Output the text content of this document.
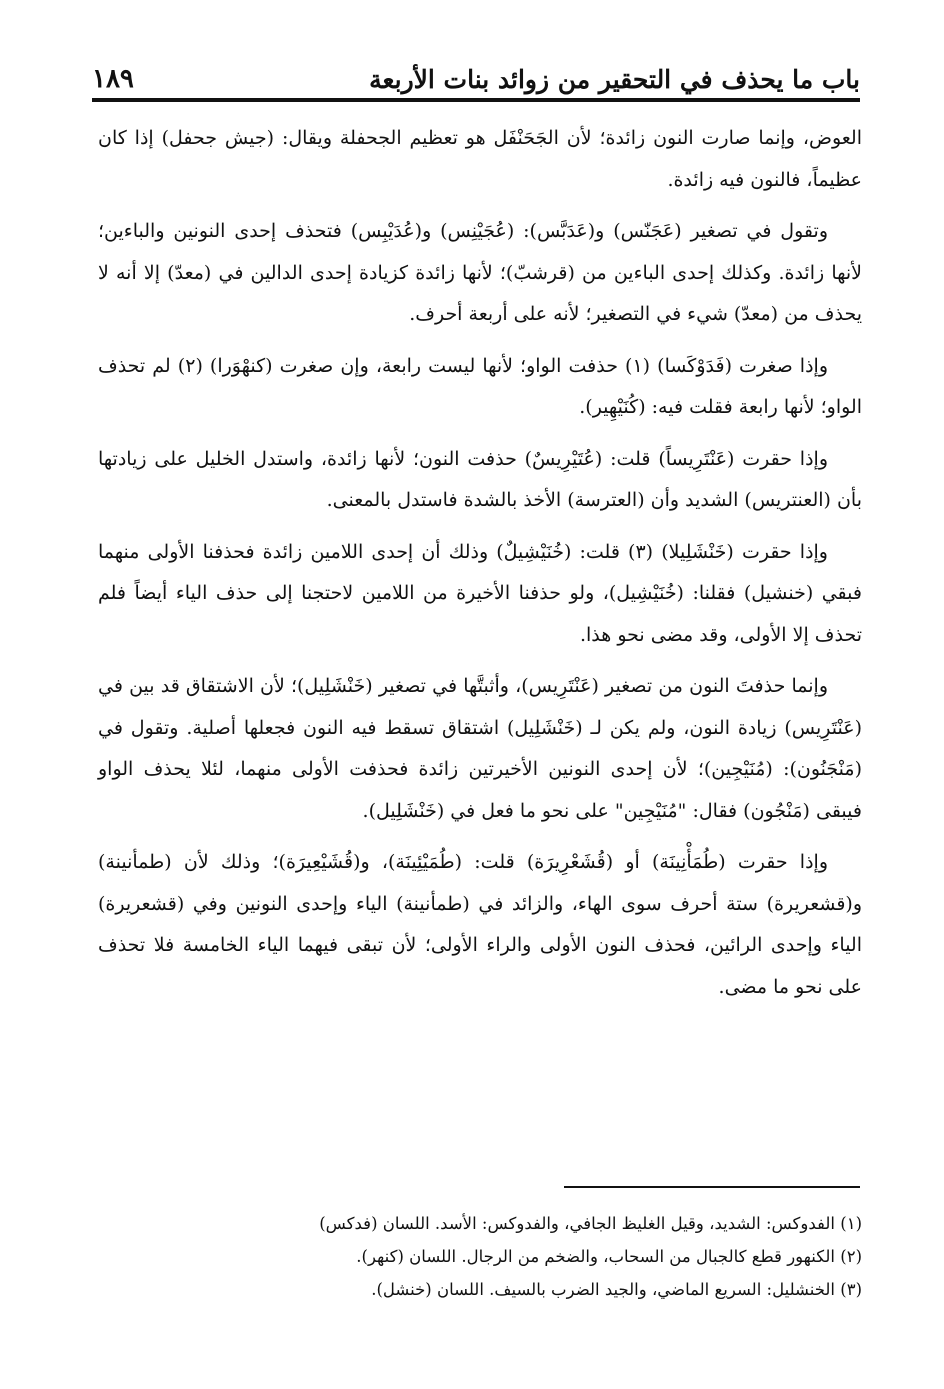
باب ما يحذف في التحقير من زوائد بنات الأربعة
١٨٩

العوض، وإنما صارت النون زائدة؛ لأن الجَحَنْفَل هو تعظيم الجحفلة ويقال: (جيش جحفل) إذا كان عظيماً، فالنون فيه زائدة.

وتقول في تصغير (عَجَنّس) و(عَدَبَّس): (عُجَيْنِس) و(عُدَيْبِس) فتحذف إحدى النونين والباءين؛ لأنها زائدة. وكذلك إحدى الباءين من (قرشبّ)؛ لأنها زائدة كزيادة إحدى الدالين في (معدّ) إلا أنه لا يحذف من (معدّ) شيء في التصغير؛ لأنه على أربعة أحرف.

وإذا صغرت (فَدَوْكَسا) (١) حذفت الواو؛ لأنها ليست رابعة، وإن صغرت (كنهْوَرا) (٢) لم تحذف الواو؛ لأنها رابعة فقلت فيه: (كُنَيْهِير).

وإذا حقرت (عَنْتَرِيساً) قلت: (عُتَيْرِيسٌ) حذفت النون؛ لأنها زائدة، واستدل الخليل على زيادتها بأن (العنتريس) الشديد وأن (العترسة) الأخذ بالشدة فاستدل بالمعنى.

وإذا حقرت (خَنْشَلِيلا) (٣) قلت: (خُنَيْشِيلٌ) وذلك أن إحدى اللامين زائدة فحذفنا الأولى منهما فبقي (خنشيل) فقلنا: (خُنَيْشِيل)، ولو حذفنا الأخيرة من اللامين لاحتجنا إلى حذف الياء أيضاً فلم تحذف إلا الأولى، وقد مضى نحو هذا.

وإنما حذفتَ النون من تصغير (عَنْتَرِيس)، وأثبتَّها في تصغير (خَنْشَلِيل)؛ لأن الاشتقاق قد بين في (عَنْتَرِيس) زيادة النون، ولم يكن لـ (خَنْشَلِيل) اشتقاق تسقط فيه النون فجعلها أصلية. وتقول في (مَنْجَنُون): (مُنَيْجِين)؛ لأن إحدى النونين الأخيرتين زائدة فحذفت الأولى منهما، لئلا يحذف الواو فيبقى (مَنْجُون) فقال: "مُنَيْجِين" على نحو ما فعل في (خَنْشَلِيل).

وإذا حقرت (طُمَأْنِينَة) أو (قُشَعْرِيرَة) قلت: (طُمَيْئِينَة)، و(قُشَيْعِيرَة)؛ وذلك لأن (طمأنينة) و(قشعريرة) ستة أحرف سوى الهاء، والزائد في (طمأنينة) الياء وإحدى النونين وفي (قشعريرة) الياء وإحدى الرائين، فحذف النون الأولى والراء الأولى؛ لأن تبقى فيهما الياء الخامسة فلا تحذف على نحو ما مضى.

(١) الفدوكس: الشديد، وقيل الغليظ الجافي، والفدوكس: الأسد. اللسان (فدكس)

(٢) الكنهور قطع كالجبال من السحاب، والضخم من الرجال. اللسان (كنهر).

(٣) الخنشليل: السريع الماضي، والجيد الضرب بالسيف. اللسان (خنشل).
